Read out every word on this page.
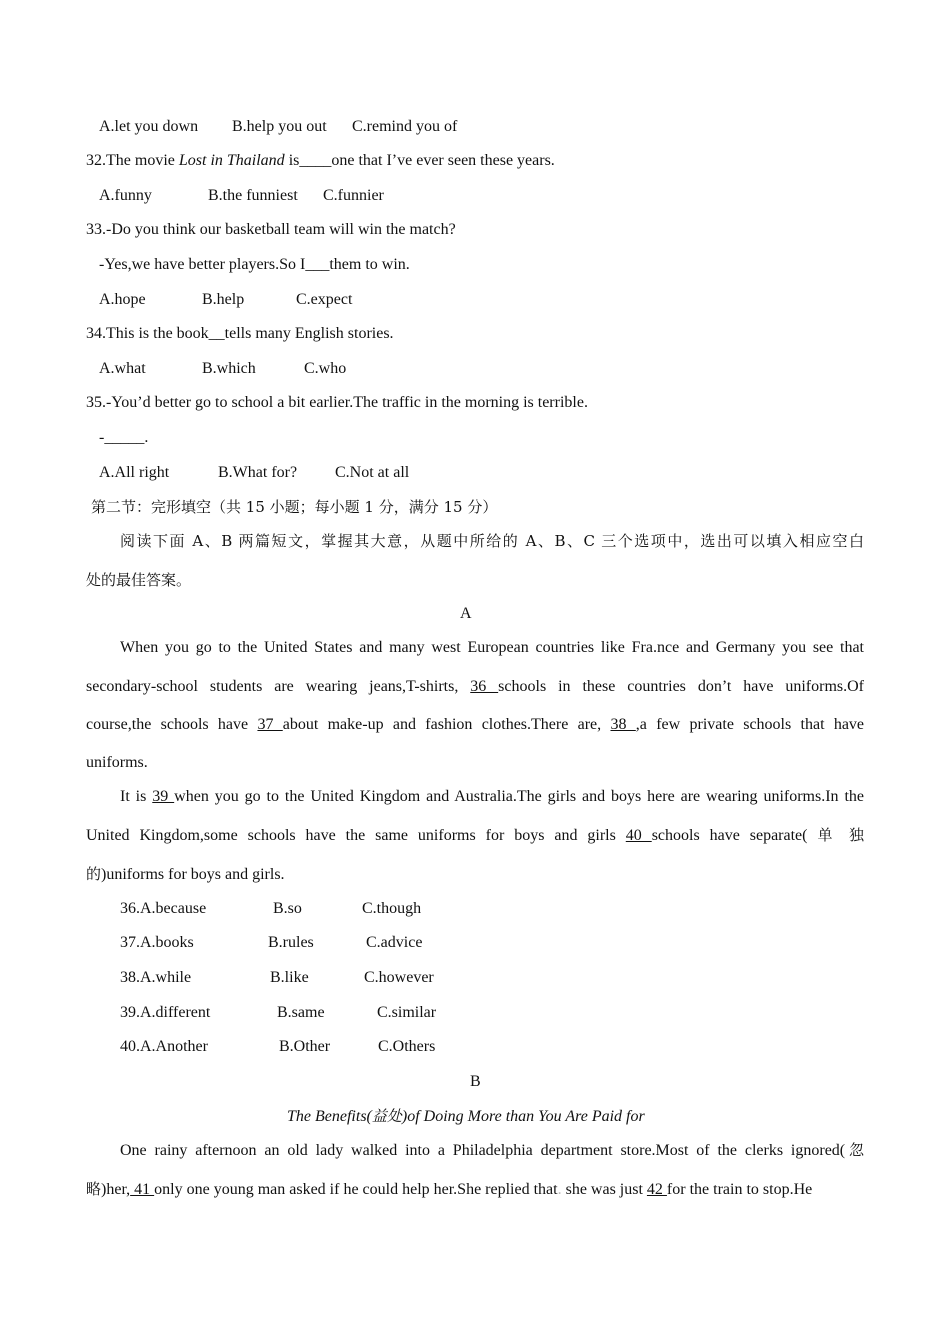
A.let you down B.help you out C.remind you of
32.The movie Lost in Thailand is____one that I’ve ever seen these years.
A.funny	B.the funniest C.funnier
33.-Do you think our basketball team will win the match?
-Yes,we have better players.So I___them to win.
A.hope	B.help	C.expect
34.This is the book__tells many English stories.
A.what	B.which	C.who
35.-You’d better go to school a bit earlier.The traffic in the morning is terrible.
-_____.
A.All right	B.What for? C.Not at all
第二节：完形填空（共 15 小题；每小题 1 分，满分 15 分）
阅读下面 A、B 两篇短文，掌握其大意，从题中所给的 A、B、C 三个选项中，选出可以填入相应空白
处的最佳答案。
A
When you go to the United States and many west European countries like Fra.nce and Germany you see that
secondary-school students are wearing jeans,T-shirts, 36 schools in these countries don’t have uniforms.Of
course,the schools have 37 about make-up and fashion clothes.There are, 38 ,a few private schools that have
uniforms.
It is 39 when you go to the United Kingdom and Australia.The girls and boys here are wearing uniforms.In the
United Kingdom,some schools have the same uniforms for boys and girls 40 schools have separate( 单 独
的)uniforms for boys and girls.
36.A.because	B.so	C.though
37.A.books	B.rules	C.advice
38.A.while	B.like	C.however
39.A.different	B.same	C.similar
40.A.Another	B.Other	C.Others
B
The Benefits(益处)of Doing More than You Are Paid for
One rainy afternoon an old lady walked into a Philadelphia department store.Most of the clerks ignored(忽
略)her, 41 only one young man asked if he could help her.She replied that. she was just 42 for the train to stop.He
